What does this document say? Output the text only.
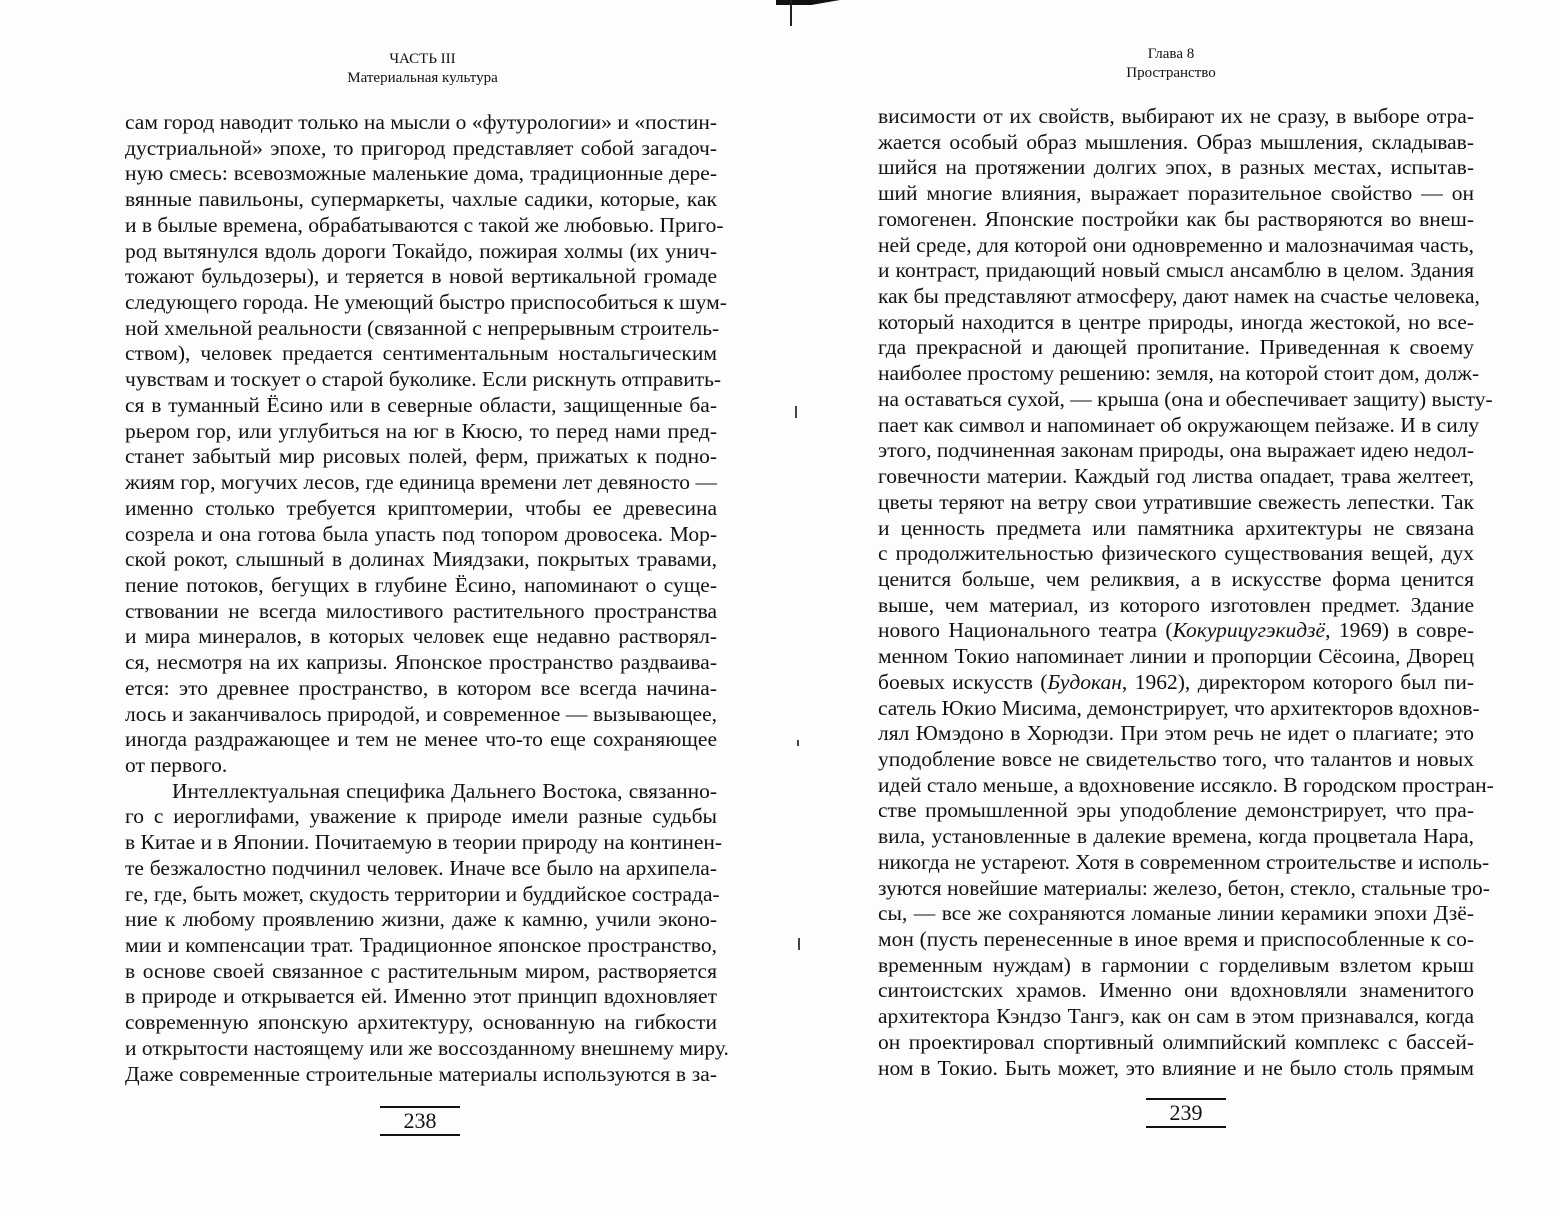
ЧАСТЬ III
Материальная культура
сам город наводит только на мысли о «футурологии» и «постин-
дустриальной» эпохе, то пригород представляет собой загадоч-
ную смесь: всевозможные маленькие дома, традиционные дере-
вянные павильоны, супермаркеты, чахлые садики, которые, как
и в былые времена, обрабатываются с такой же любовью. Приго-
род вытянулся вдоль дороги Токайдо, пожирая холмы (их унич-
тожают бульдозеры), и теряется в новой вертикальной громаде
следующего города. Не умеющий быстро приспособиться к шум-
ной хмельной реальности (связанной с непрерывным строитель-
ством), человек предается сентиментальным ностальгическим
чувствам и тоскует о старой буколике. Если рискнуть отправить-
ся в туманный Ёсино или в северные области, защищенные ба-
рьером гор, или углубиться на юг в Кюсю, то перед нами пред-
станет забытый мир рисовых полей, ферм, прижатых к подно-
жиям гор, могучих лесов, где единица времени лет девяносто —
именно столько требуется криптомерии, чтобы ее древесина
созрела и она готова была упасть под топором дровосека. Мор-
ской рокот, слышный в долинах Миядзаки, покрытых травами,
пение потоков, бегущих в глубине Ёсино, напоминают о суще-
ствовании не всегда милостивого растительного пространства
и мира минералов, в которых человек еще недавно растворял-
ся, несмотря на их капризы. Японское пространство раздваива-
ется: это древнее пространство, в котором все всегда начина-
лось и заканчивалось природой, и современное — вызывающее,
иногда раздражающее и тем не менее что-то еще сохраняющее
от первого.
Интеллектуальная специфика Дальнего Востока, связанно-
го с иероглифами, уважение к природе имели разные судьбы
в Китае и в Японии. Почитаемую в теории природу на континен-
те безжалостно подчинил человек. Иначе все было на архипела-
ге, где, быть может, скудость территории и буддийское сострада-
ние к любому проявлению жизни, даже к камню, учили эконо-
мии и компенсации трат. Традиционное японское пространство,
в основе своей связанное с растительным миром, растворяется
в природе и открывается ей. Именно этот принцип вдохновляет
современную японскую архитектуру, основанную на гибкости
и открытости настоящему или же воссозданному внешнему миру.
Даже современные строительные материалы используются в за-
238
Глава 8
Пространство
висимости от их свойств, выбирают их не сразу, в выборе отра-
жается особый образ мышления. Образ мышления, складывав-
шийся на протяжении долгих эпох, в разных местах, испытав-
ший многие влияния, выражает поразительное свойство — он
гомогенен. Японские постройки как бы растворяются во внеш-
ней среде, для которой они одновременно и малозначимая часть,
и контраст, придающий новый смысл ансамблю в целом. Здания
как бы представляют атмосферу, дают намек на счастье человека,
который находится в центре природы, иногда жестокой, но все-
гда прекрасной и дающей пропитание. Приведенная к своему
наиболее простому решению: земля, на которой стоит дом, долж-
на оставаться сухой, — крыша (она и обеспечивает защиту) высту-
пает как символ и напоминает об окружающем пейзаже. И в силу
этого, подчиненная законам природы, она выражает идею недол-
говечности материи. Каждый год листва опадает, трава желтеет,
цветы теряют на ветру свои утратившие свежесть лепестки. Так
и ценность предмета или памятника архитектуры не связана
с продолжительностью физического существования вещей, дух
ценится больше, чем реликвия, а в искусстве форма ценится
выше, чем материал, из которого изготовлен предмет. Здание
нового Национального театра (Кокурицугэкидзё, 1969) в совре-
менном Токио напоминает линии и пропорции Сёсоина, Дворец
боевых искусств (Будокан, 1962), директором которого был пи-
сатель Юкио Мисима, демонстрирует, что архитекторов вдохнов-
лял Юмэдоно в Хорюдзи. При этом речь не идет о плагиате; это
уподобление вовсе не свидетельство того, что талантов и новых
идей стало меньше, а вдохновение иссякло. В городском простран-
стве промышленной эры уподобление демонстрирует, что пра-
вила, установленные в далекие времена, когда процветала Нара,
никогда не устареют. Хотя в современном строительстве и исполь-
зуются новейшие материалы: железо, бетон, стекло, стальные тро-
сы, — все же сохраняются ломаные линии керамики эпохи Дзё-
мон (пусть перенесенные в иное время и приспособленные к со-
временным нуждам) в гармонии с горделивым взлетом крыш
синтоистских храмов. Именно они вдохновляли знаменитого
архитектора Кэндзо Тангэ, как он сам в этом признавался, когда
он проектировал спортивный олимпийский комплекс с бассей-
ном в Токио. Быть может, это влияние и не было столь прямым
239
